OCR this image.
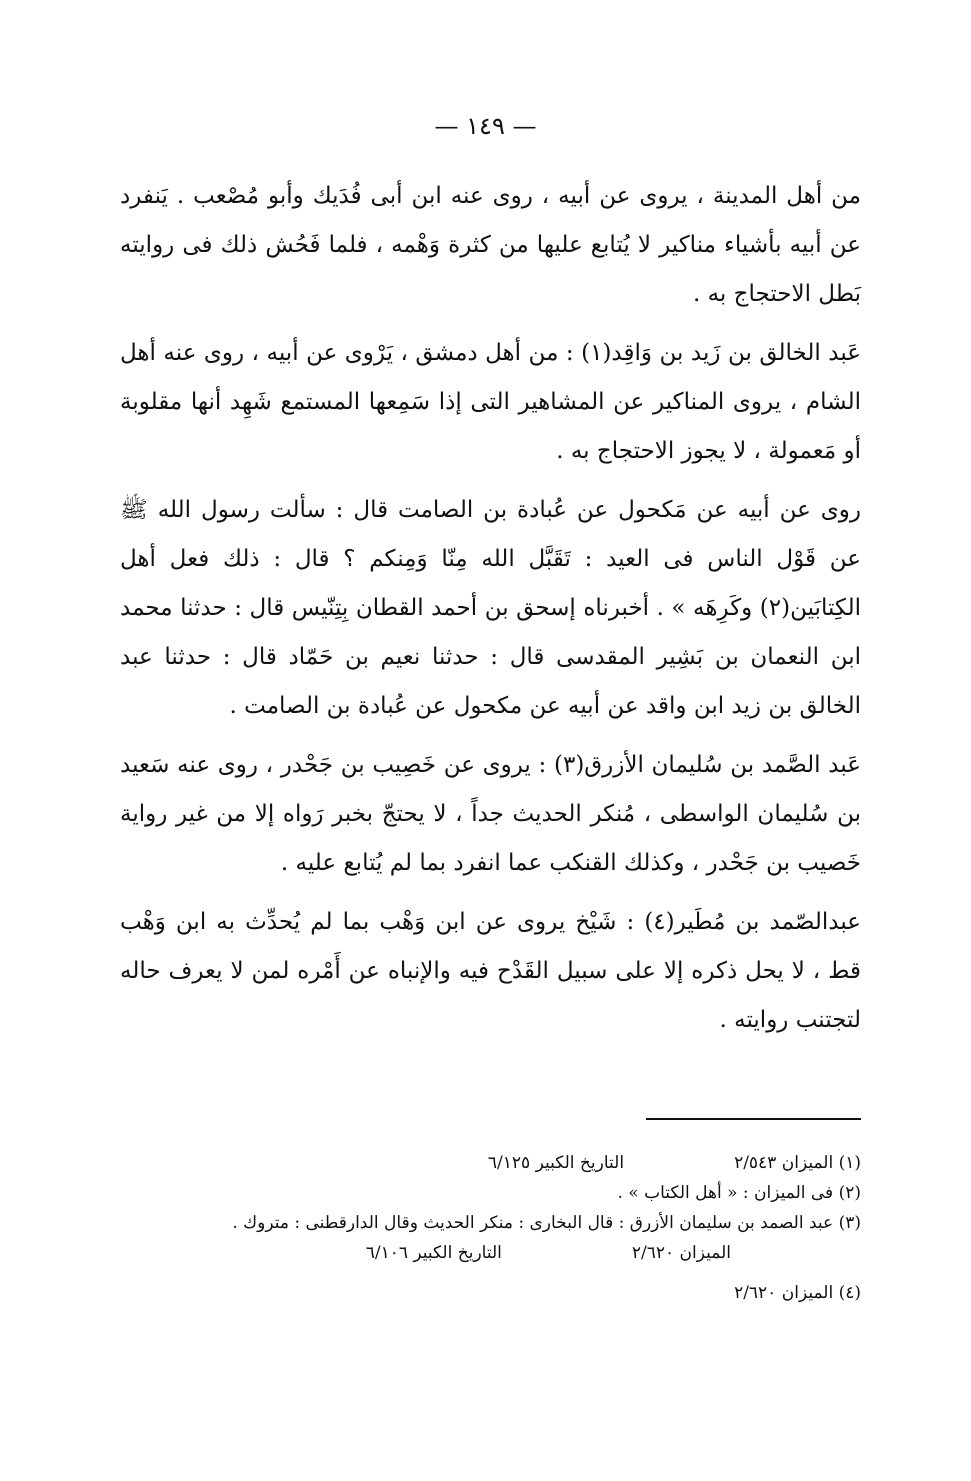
— ١٤٩ —

من أهل المدينة ، يروى عن أبيه ، روى عنه ابن أبى فُدَيك وأبو مُصْعب . يَنفرد عن أبيه بأشياء مناكير لا يُتابع عليها من كثرة وَهْمه ، فلما فَحُش ذلك فى روايته بَطل الاحتجاج به .

عَبد الخالق بن زَيد بن وَاقِد(١) : من أهل دمشق ، يَرْوى عن أبيه ، روى عنه أهل الشام ، يروى المناكير عن المشاهير التى إذا سَمِعها المستمع شَهِد أنها مقلوبة أو مَعمولة ، لا يجوز الاحتجاج به .

روى عن أبيه عن مَكحول عن عُبادة بن الصامت قال : سألت رسول الله ﷺ عن قَوْل الناس فى العيد : تَقَبَّل الله مِنّا وَمِنكم ؟ قال : ذلك فعل أهل الكِتابَين(٢) وكَرِهَه » . أخبرناه إسحق بن أحمد القطان بِتِنّيس قال : حدثنا محمد ابن النعمان بن بَشِير المقدسى قال : حدثنا نعيم بن حَمّاد قال : حدثنا عبد الخالق بن زيد ابن واقد عن أبيه عن مكحول عن عُبادة بن الصامت .

عَبد الصَّمد بن سُليمان الأزرق(٣) : يروى عن خَصِيب بن جَحْدر ، روى عنه سَعيد بن سُليمان الواسطى ، مُنكر الحديث جداً ، لا يحتجّ بخبر رَواه إلا من غير رواية خَصيب بن جَحْدر ، وكذلك القنكب عما انفرد بما لم يُتابع عليه .

عبدالصّمد بن مُطَير(٤) : شَيْخ يروى عن ابن وَهْب بما لم يُحدِّث به ابن وَهْب قط ، لا يحل ذكره إلا على سبيل القَدْح فيه والإنباه عن أَمْره لمن لا يعرف حاله لتجتنب روايته .

(١) الميزان ٢/٥٤٣
التاريخ الكبير ٦/١٢٥
(٢) فى الميزان : « أهل الكتاب » .
(٣) عبد الصمد بن سليمان الأزرق : قال البخارى : منكر الحديث وقال الدارقطنى : متروك .
الميزان ٢/٦٢٠
التاريخ الكبير ٦/١٠٦
(٤) الميزان ٢/٦٢٠
